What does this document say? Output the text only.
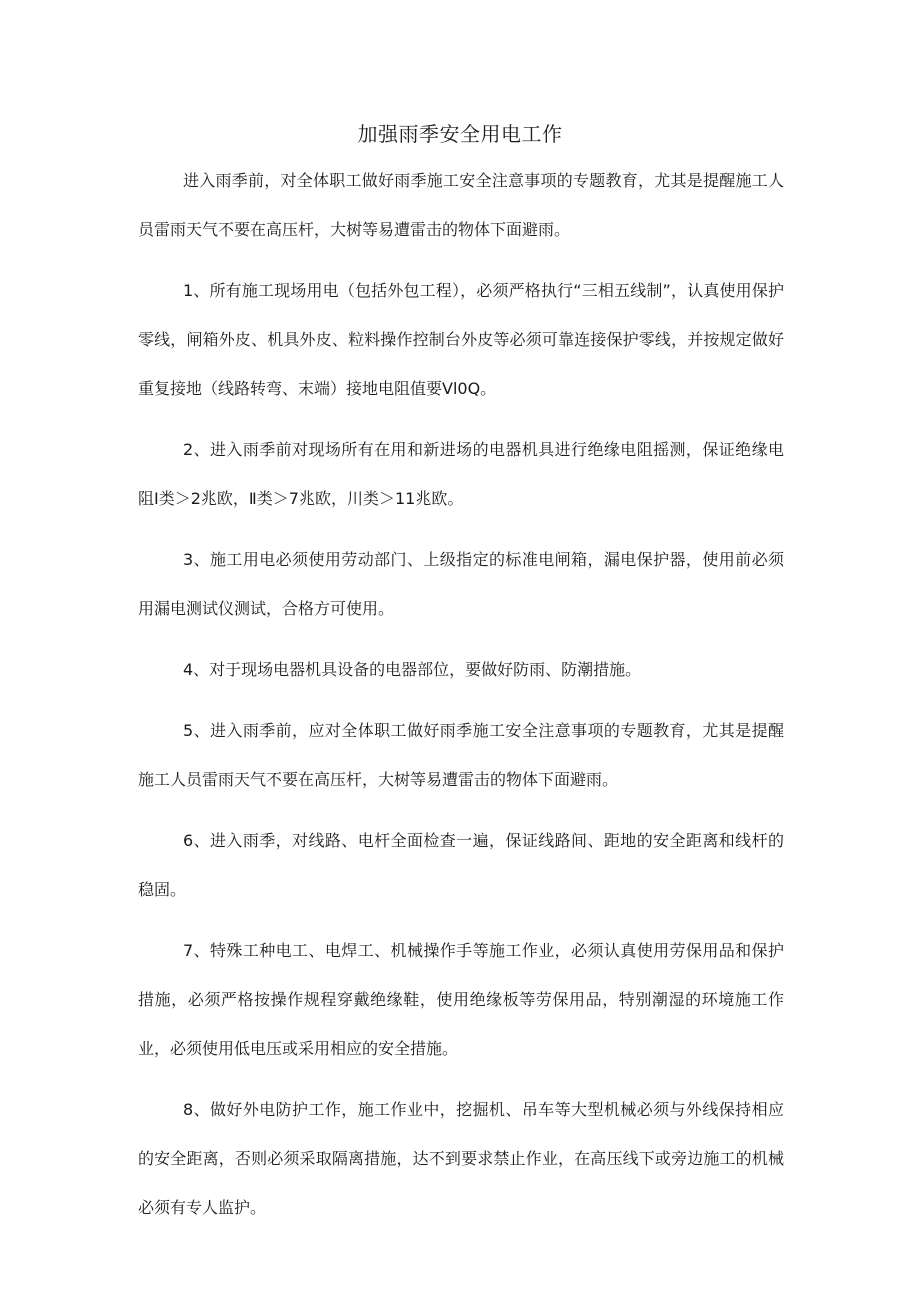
加强雨季安全用电工作

进入雨季前，对全体职工做好雨季施工安全注意事项的专题教育，尤其是提醒施工人员雷雨天气不要在高压杆，大树等易遭雷击的物体下面避雨。

1、所有施工现场用电（包括外包工程），必须严格执行“三相五线制”，认真使用保护零线，闸箱外皮、机具外皮、粒料操作控制台外皮等必须可靠连接保护零线，并按规定做好重复接地（线路转弯、末端）接地电阻值要Vl0Q。

2、进入雨季前对现场所有在用和新进场的电器机具进行绝缘电阻摇测，保证绝缘电阻Ⅰ类＞2兆欧，Ⅱ类＞7兆欧，川类＞11兆欧。

3、施工用电必须使用劳动部门、上级指定的标准电闸箱，漏电保护器，使用前必须用漏电测试仪测试，合格方可使用。

4、对于现场电器机具设备的电器部位，要做好防雨、防潮措施。

5、进入雨季前，应对全体职工做好雨季施工安全注意事项的专题教育，尤其是提醒施工人员雷雨天气不要在高压杆，大树等易遭雷击的物体下面避雨。

6、进入雨季，对线路、电杆全面检查一遍，保证线路间、距地的安全距离和线杆的稳固。

7、特殊工种电工、电焊工、机械操作手等施工作业，必须认真使用劳保用品和保护措施，必须严格按操作规程穿戴绝缘鞋，使用绝缘板等劳保用品，特别潮湿的环境施工作业，必须使用低电压或采用相应的安全措施。

8、做好外电防护工作，施工作业中，挖掘机、吊车等大型机械必须与外线保持相应的安全距离，否则必须采取隔离措施，达不到要求禁止作业，在高压线下或旁边施工的机械必须有专人监护。
